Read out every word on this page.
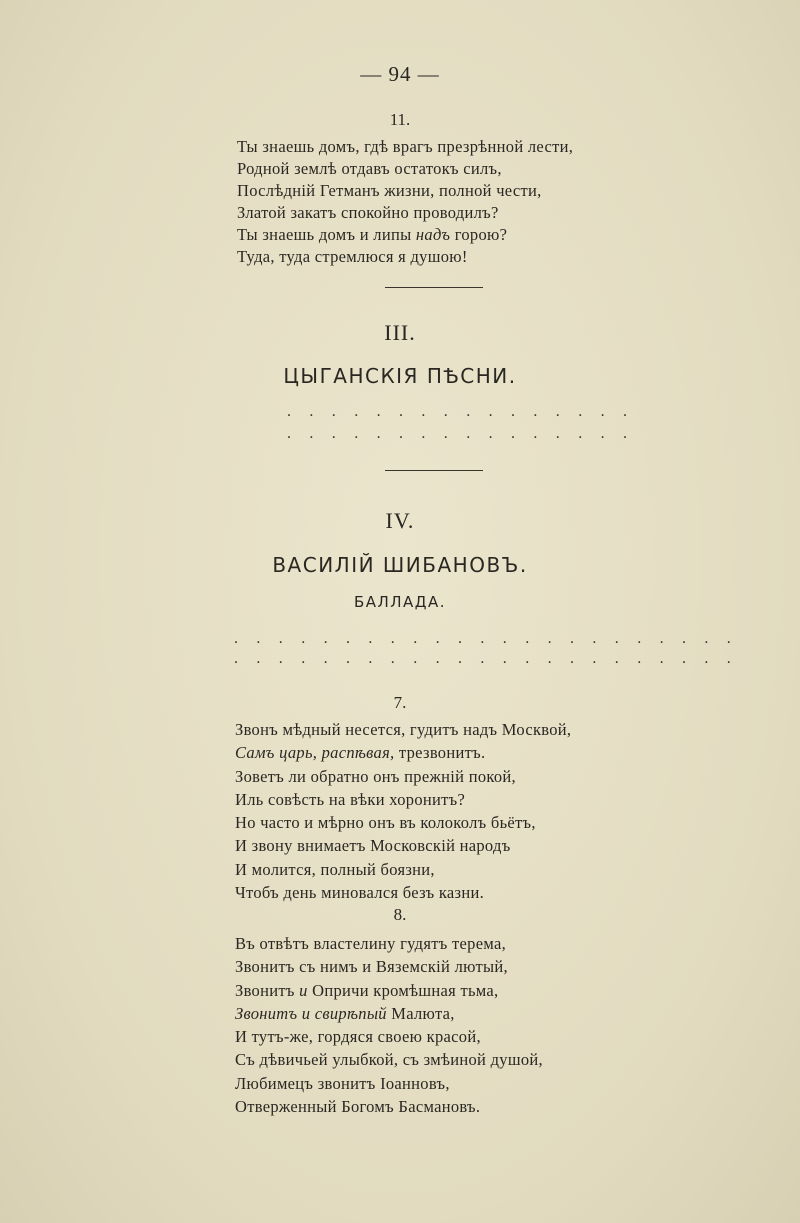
— 94 —
11.
Ты знаешь домъ, гдѣ врагъ презрѣнной лести,
Родной землѣ отдавъ остатокъ силъ,
Послѣднiй Гетманъ жизни, полной чести,
Златой закатъ спокойно проводилъ?
Ты знаешь домъ и липы надъ горою?
Туда, туда стремлюся я душою!
III.
ЦЫГАНСКIЯ ПѢСНИ.
. . . . . . . . . . . . . . . .
. . . . . . . . . . . . . . . .
IV.
ВАСИЛIЙ ШИБАНОВЪ.
БАЛЛАДА.
. . . . . . . . . . . . . . . . . . . . . . .
. . . . . . . . . . . . . . . . . . . . . . .
7.
Звонъ мѣдный несется, гудитъ надъ Москвой,
Самъ царь, распѣвая, трезвонитъ.
Зоветъ ли обратно онъ прежнiй покой,
Иль совѣсть на вѣки хоронитъ?
Но часто и мѣрно онъ въ колоколъ бьётъ,
И звону внимаетъ Московскiй народъ
И молится, полный боязни,
Чтобъ день миновался безъ казни.
8.
Въ отвѣтъ властелину гудятъ терема,
Звонитъ съ нимъ и Вяземскiй лютый,
Звонитъ и Опричи кромѣшная тьма,
Звонитъ и свирѣпый Малюта,
И тутъ-же, гордяся своею красой,
Съ дѣвичьей улыбкой, съ змѣиной душой,
Любимецъ звонитъ Iоанновъ,
Отверженный Богомъ Басмановъ.
